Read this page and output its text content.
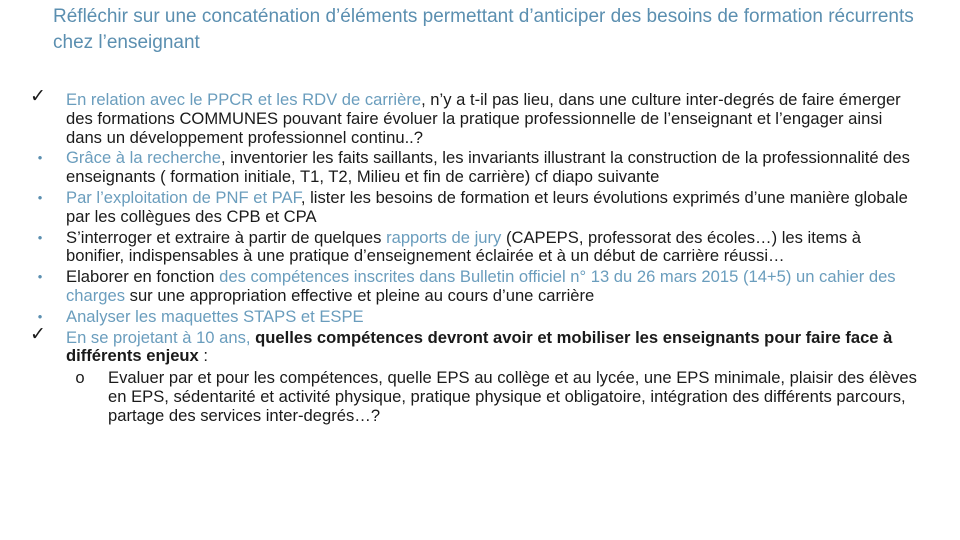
Réfléchir sur une concaténation d’éléments permettant d’anticiper des besoins de formation récurrents chez l’enseignant
✓ En relation avec le PPCR et les RDV de carrière, n’y a t-il pas lieu, dans une culture inter-degrés de faire émerger des formations COMMUNES pouvant faire évoluer la pratique professionnelle de l’enseignant et l’engager ainsi dans un développement professionnel continu..?
•	Grâce à la recherche, inventorier les faits saillants, les invariants illustrant la construction de la professionnalité des enseignants ( formation initiale, T1, T2, Milieu et fin de carrière) cf diapo suivante
•	Par l’exploitation de PNF et PAF, lister les besoins de formation et leurs évolutions exprimés d’une manière globale par les collègues des CPB et CPA
•	S’interroger et extraire à partir de quelques rapports de jury (CAPEPS, professorat des écoles…) les items à bonifier, indispensables à une pratique d’enseignement éclairée et à un début de carrière réussi…
•	Elaborer en fonction des compétences inscrites dans Bulletin officiel n° 13 du 26 mars 2015 (14+5) un cahier des charges sur une appropriation effective et pleine au cours d’une carrière
•	Analyser les maquettes STAPS et ESPE
✓ En se projetant à 10 ans, quelles compétences devront avoir et mobiliser les enseignants pour faire face à différents enjeux :
o	Evaluer par et pour les compétences, quelle EPS au collège et au lycée, une EPS minimale, plaisir des élèves en EPS, sédentarité et activité physique, pratique physique et obligatoire, intégration des différents parcours, partage des services inter-degrés…?
